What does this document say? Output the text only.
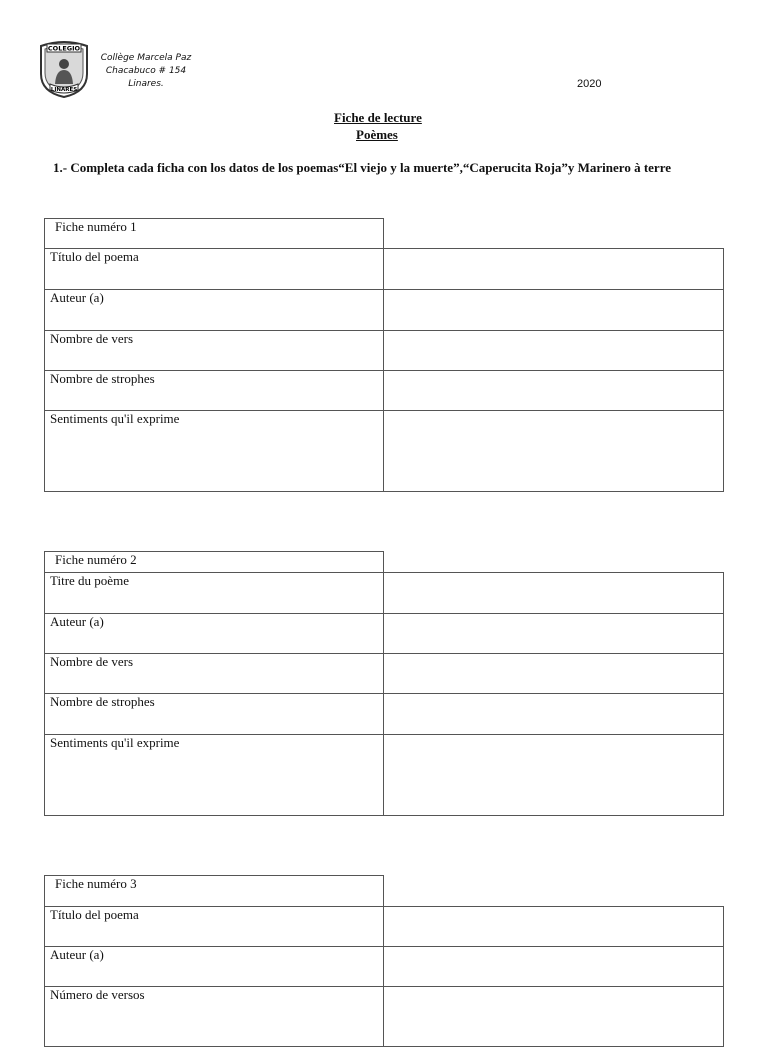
COLEGIO
LINARES
Collège Marcela Paz
Chacabuco # 154
Linares.	2020
Fiche de lecture
Poèmes
1.- Completa cada ficha con los datos de los poemas“El viejo y la muerte”,“Caperucita Roja”y Marinero à terre
Fiche numéro 1
Título del poema
Auteur (a)
Nombre de vers
Nombre de strophes
Sentiments qu'il exprime
Fiche numéro 2
Titre du poème
Auteur (a)
Nombre de vers
Nombre de strophes
Sentiments qu'il exprime
Fiche numéro 3
Título del poema
Auteur (a)
Número de versos
